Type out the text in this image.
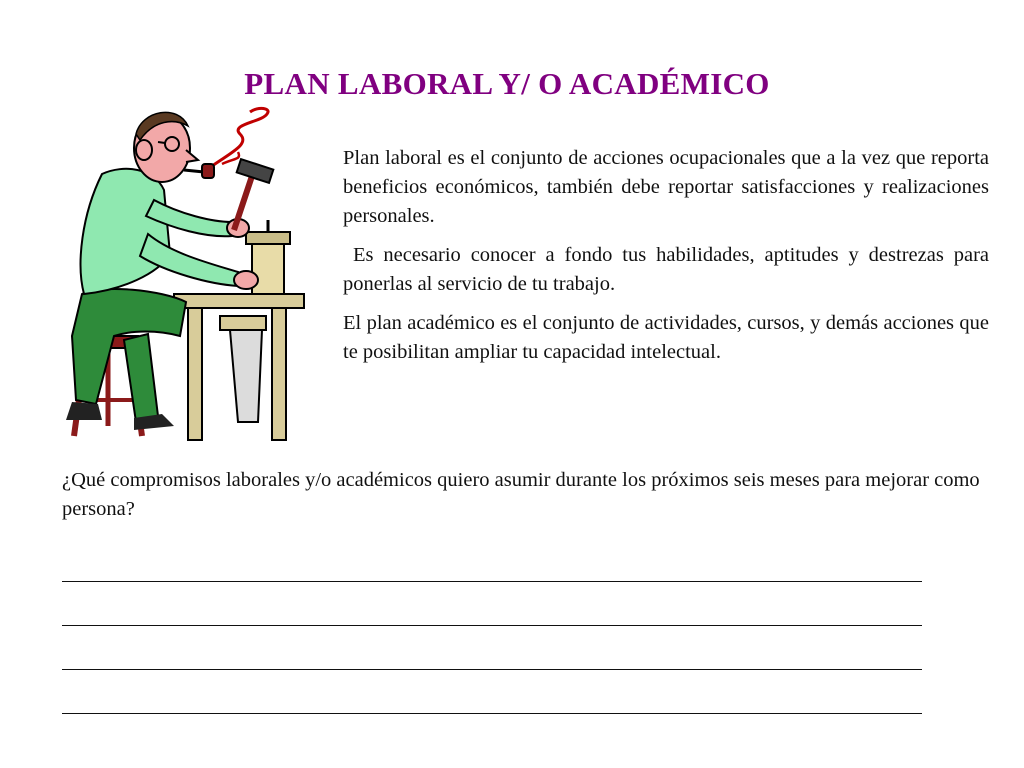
PLAN LABORAL Y/ O ACADÉMICO

Plan laboral es el conjunto de acciones ocupacionales que a la vez que reporta beneficios económicos, también debe reportar satisfacciones y realizaciones personales.

Es necesario conocer a fondo tus habilidades, aptitudes y destrezas para ponerlas al servicio de tu trabajo.

El plan académico es el conjunto de actividades, cursos, y demás acciones que te posibilitan ampliar tu capacidad intelectual.

¿Qué compromisos laborales y/o académicos quiero asumir durante los próximos seis meses para mejorar como persona?
